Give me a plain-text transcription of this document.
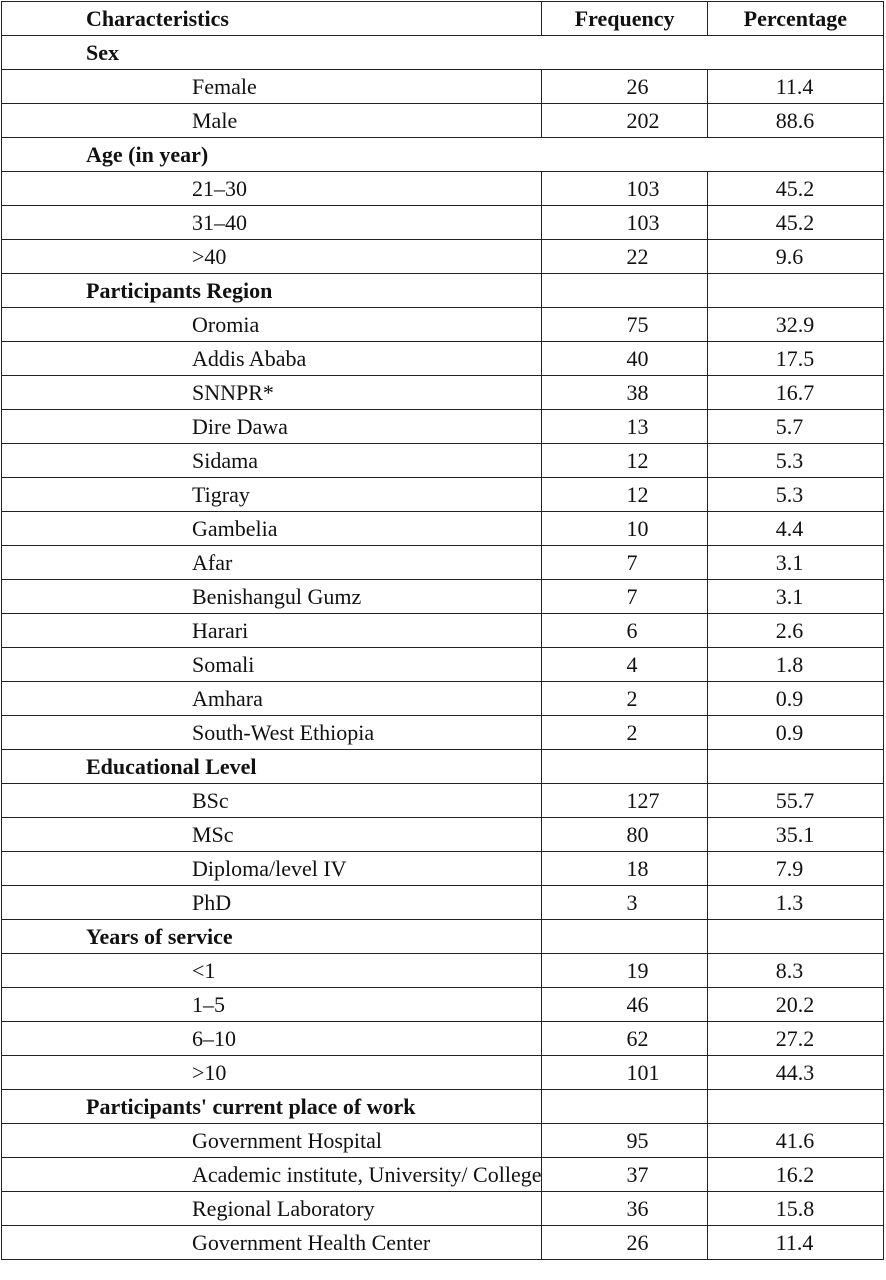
Characteristics	Frequency	Percentage
Sex		
Female	26	11.4
Male	202	88.6
Age (in year)		
21–30	103	45.2
31–40	103	45.2
>40	22	9.6
Participants Region		
Oromia	75	32.9
Addis Ababa	40	17.5
SNNPR*	38	16.7
Dire Dawa	13	5.7
Sidama	12	5.3
Tigray	12	5.3
Gambelia	10	4.4
Afar	7	3.1
Benishangul Gumz	7	3.1
Harari	6	2.6
Somali	4	1.8
Amhara	2	0.9
South-West Ethiopia	2	0.9
Educational Level		
BSc	127	55.7
MSc	80	35.1
Diploma/level IV	18	7.9
PhD	3	1.3
Years of service		
<1	19	8.3
1–5	46	20.2
6–10	62	27.2
>10	101	44.3
Participants' current place of work		
Government Hospital	95	41.6
Academic institute, University/ College	37	16.2
Regional Laboratory	36	15.8
Government Health Center	26	11.4
